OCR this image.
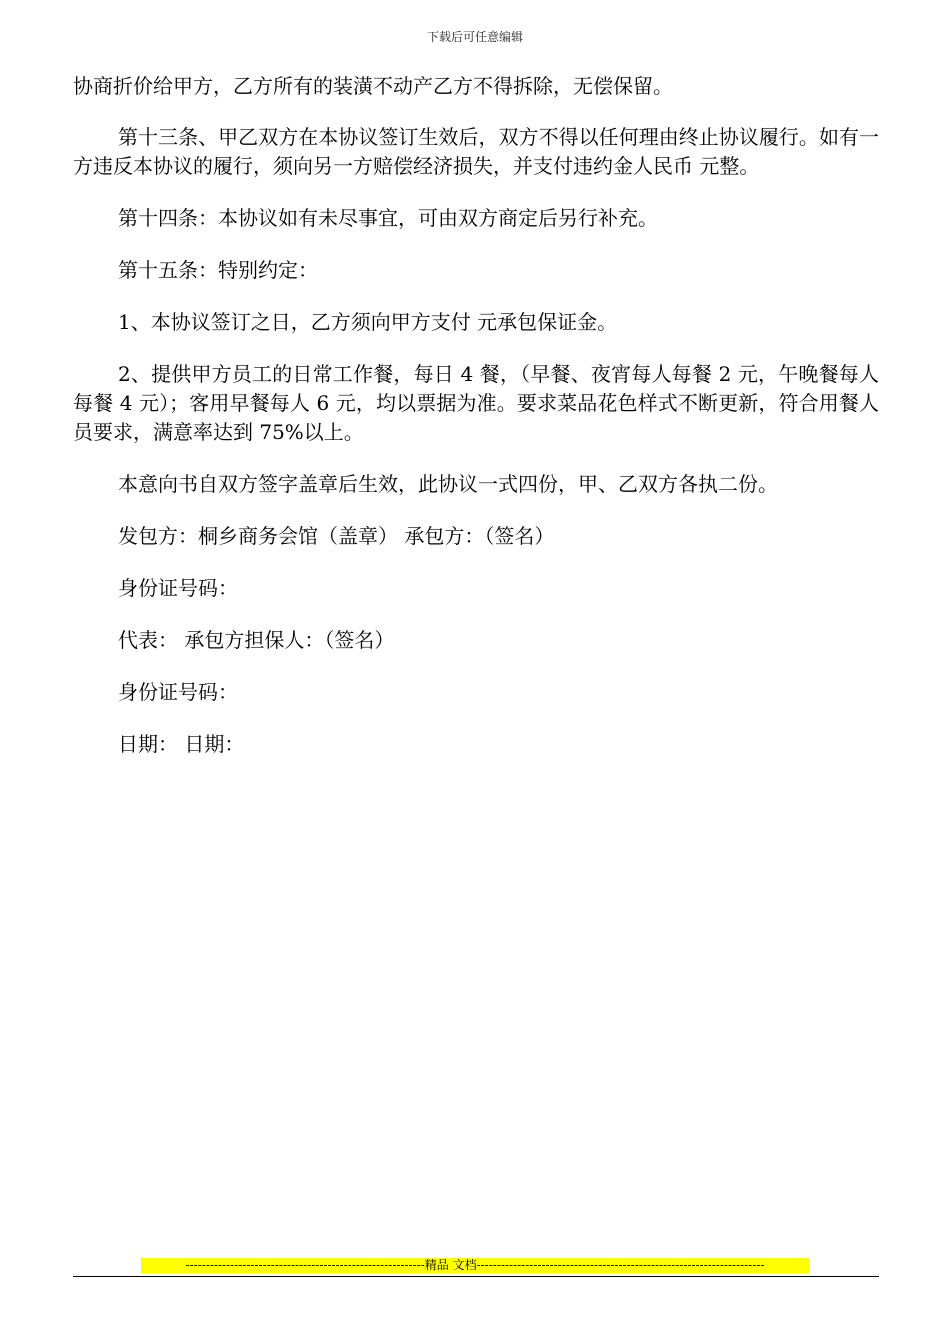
下载后可任意编辑

协商折价给甲方，乙方所有的装潢不动产乙方不得拆除，无偿保留。

第十三条、甲乙双方在本协议签订生效后，双方不得以任何理由终止协议履行。如有一方违反本协议的履行，须向另一方赔偿经济损失，并支付违约金人民币 元整。

第十四条：本协议如有未尽事宜，可由双方商定后另行补充。

第十五条：特别约定：

1、本协议签订之日，乙方须向甲方支付 元承包保证金。

2、提供甲方员工的日常工作餐，每日 4 餐，（早餐、夜宵每人每餐 2 元，午晚餐每人每餐 4 元）；客用早餐每人 6 元，均以票据为准。要求菜品花色样式不断更新，符合用餐人员要求，满意率达到 75%以上。

本意向书自双方签字盖章后生效，此协议一式四份，甲、乙双方各执二份。

发包方：桐乡商务会馆（盖章） 承包方：（签名）

身份证号码：

代表： 承包方担保人：（签名）

身份证号码：

日期： 日期：

-----------------------------------------------------------精品 文档-----------------------------------------------------------------------
